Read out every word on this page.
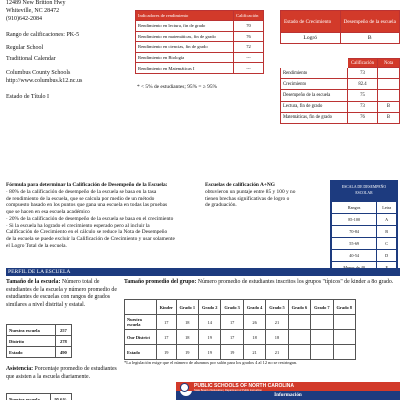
12489 New Britton Hwy
Whiteville, NC 28472
(910)642-2084
Rango de calificaciones: PK-5
Regular School
Traditional Calendar
Columbus County Schools
http://www.columbus.k12.nc.us
Estado de Título I
Indicadores de rendimiento	Calificación
Rendimiento en lectura, fin de grado	70
Rendimiento en matemáticas, fin de grado	76
Rendimiento en ciencias, fin de grado	72
Rendimiento en Biología	---
Rendimiento en Matemáticas I	---
* < 5% de estudiantes; 95% = ≥ 95%
Estado de Crecimiento	Desempeño de la escuela
Logró	B
	Calificación	Nota
Rendimiento	73	
Crecimiento	82.4	
Desempeño de la escuela	75	
Lectura, fin de grado	73	B
Matemáticas, fin de grado	76	B
Fórmula para determinar la Calificación de Desempeño de la Escuela:
· 80% de la calificación de desempeño de la escuela se basa en la tasa
de rendimiento de la escuela, que se calcula por medio de un método
compuesto basado en los puntos que gana una escuela en todas las pruebas
que se hacen en esa escuela académico
· 20% de la calificación de desempeño de la escuela se basa en el crecimiento
· Si la escuela ha logrado el crecimiento esperado pero al incluir la
Calificación de Crecimiento en el cálculo se reduce la Nota de Desempeño
de la escuela se puede excluir la Calificación de Crecimiento y usar solamente
el Logro Total de la escuela.
Escuelas de calificación A+NG
obtuvieron un puntaje entre 85 y 100 y no
tienen brechas significativas de logro o
de graduación.
ESCALA DE DESEMPEÑO ESCOLAR
Rangos	Letra
85-100	A
70-84	B
55-69	C
40-54	D

PERFIL DE LA ESCUELA
Tamaño de la escuela: Número total de estudiantes de la escuela y número promedio de estudiantes de escuelas con rangos de grados similares a nivel distrital y estatal.
Nuestra escuela	257
Distrito	278
Estado	490
Tamaño promedio del grupo: Número promedio de estudiantes inscritos los grupos "típicos" de kinder a 8o grado.
	Kinder	Grado 1	Grado 2	Grado 3	Grado 4	Grado 5	Grado 6	Grado 7	Grado 8
Nuestra escuela	17	18	14	17	26	21			
Our District	17	18	19	17	18	18			
Estado	19	19	19	19	21	21			
*La legislación exige que el número de alumnos por salón para los grados 4 al 12 no se restringan.
Asistencia: Porcentaje promedio de estudiantes que asisten a la escuela diariamente.
Nuestra escuela	95.6%
PUBLIC SCHOOLS OF NORTH CAROLINA
State Board of Education | Department of Public Instruction
Información
